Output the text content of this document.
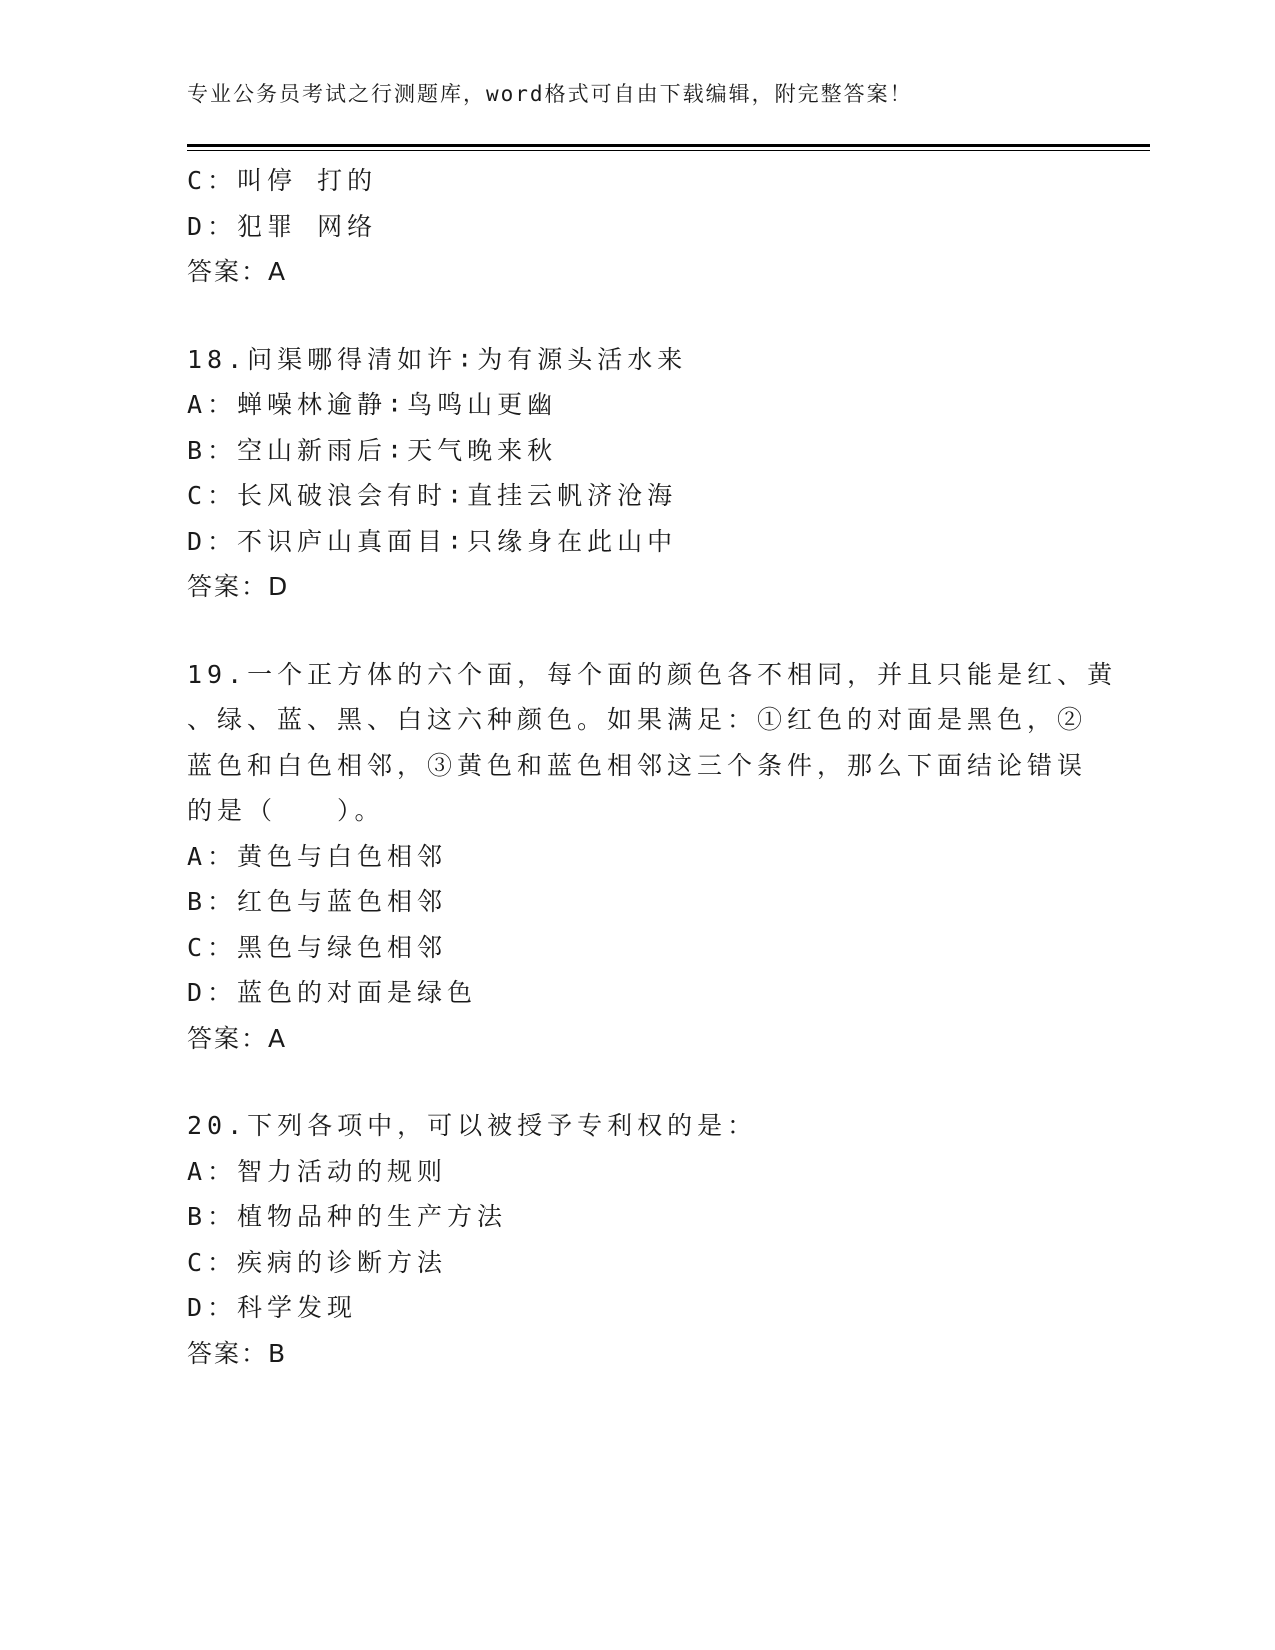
专业公务员考试之行测题库，word格式可自由下载编辑，附完整答案！
C：叫停 打的
D：犯罪 网络
答案：A
18.问渠哪得清如许∶为有源头活水来
A：蝉噪林逾静∶鸟鸣山更幽
B：空山新雨后∶天气晚来秋
C：长风破浪会有时∶直挂云帆济沧海
D：不识庐山真面目∶只缘身在此山中
答案：D
19.一个正方体的六个面，每个面的颜色各不相同，并且只能是红、黄
、绿、蓝、黑、白这六种颜色。如果满足：①红色的对面是黑色，②
蓝色和白色相邻，③黄色和蓝色相邻这三个条件，那么下面结论错误
的是（　　）。
A：黄色与白色相邻
B：红色与蓝色相邻
C：黑色与绿色相邻
D：蓝色的对面是绿色
答案：A
20.下列各项中，可以被授予专利权的是：
A：智力活动的规则
B：植物品种的生产方法
C：疾病的诊断方法
D：科学发现
答案：B
